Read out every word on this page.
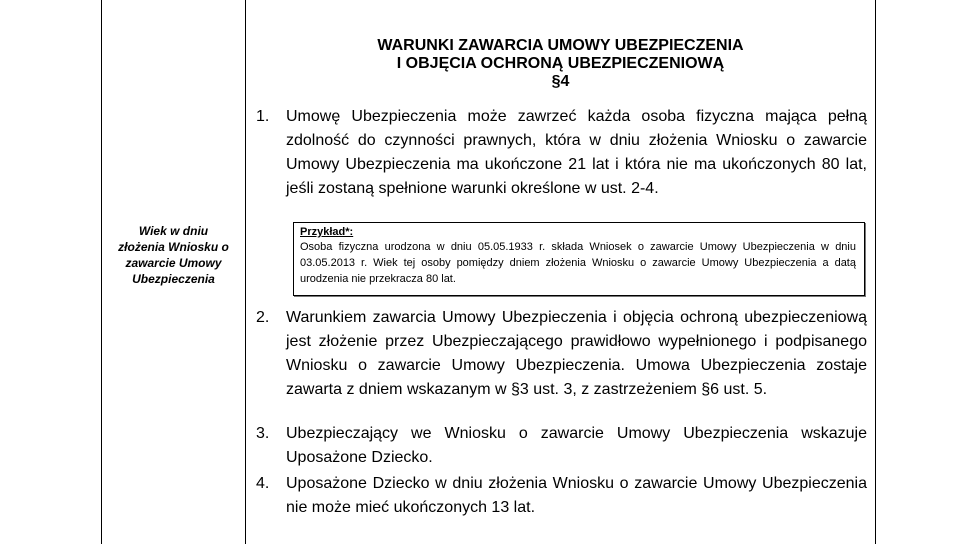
Wiek w dniu złożenia Wniosku o zawarcie Umowy Ubezpieczenia
WARUNKI ZAWARCIA UMOWY UBEZPIECZENIA
I OBJĘCIA OCHRONĄ UBEZPIECZENIOWĄ
§4
1.	Umowę Ubezpieczenia może zawrzeć każda osoba fizyczna mająca pełną zdolność do czynności prawnych, która w dniu złożenia Wniosku o zawarcie Umowy Ubezpieczenia ma ukończone 21 lat i która nie ma ukończonych 80 lat, jeśli zostaną spełnione warunki określone w ust. 2-4.
Przykład*:
Osoba fizyczna urodzona w dniu 05.05.1933 r. składa Wniosek o zawarcie Umowy Ubezpieczenia w dniu 03.05.2013 r. Wiek tej osoby pomiędzy dniem złożenia Wniosku o zawarcie Umowy Ubezpieczenia a datą urodzenia nie przekracza 80 lat.
2.	Warunkiem zawarcia Umowy Ubezpieczenia i objęcia ochroną ubezpieczeniową jest złożenie przez Ubezpieczającego prawidłowo wypełnionego i podpisanego Wniosku o zawarcie Umowy Ubezpieczenia. Umowa Ubezpieczenia zostaje zawarta z dniem wskazanym w §3 ust. 3, z zastrzeżeniem §6 ust. 5.
3.	Ubezpieczający we Wniosku o zawarcie Umowy Ubezpieczenia wskazuje Uposażone Dziecko.
4.	Uposażone Dziecko w dniu złożenia Wniosku o zawarcie Umowy Ubezpieczenia nie może mieć ukończonych 13 lat.
